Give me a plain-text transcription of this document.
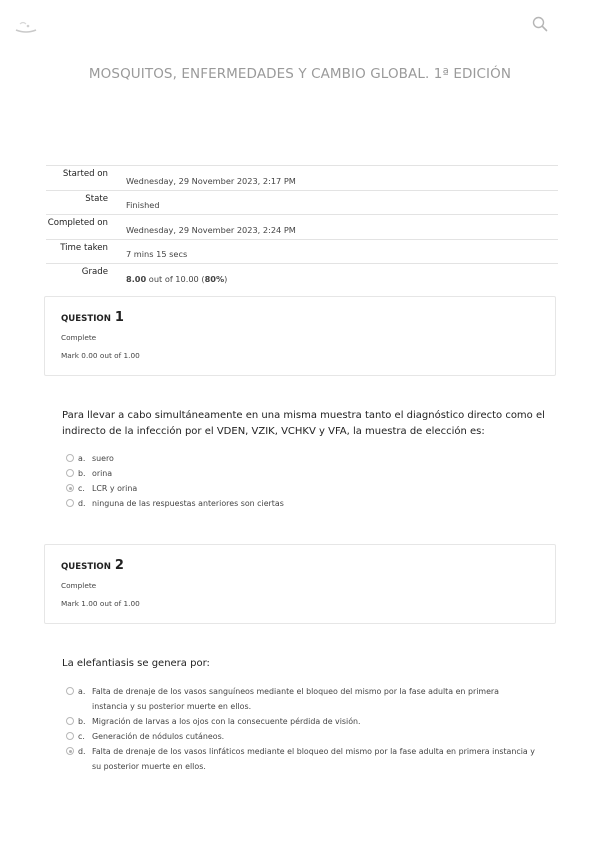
MOSQUITOS, ENFERMEDADES Y CAMBIO GLOBAL. 1ª EDICIÓN
Started on	Wednesday, 29 November 2023, 2:17 PM
State	Finished
Completed on	Wednesday, 29 November 2023, 2:24 PM
Time taken	7 mins 15 secs
Grade	8.00 out of 10.00 (80%)
QUESTION 1
Complete
Mark 0.00 out of 1.00
Para llevar a cabo simultáneamente en una misma muestra tanto el diagnóstico directo como el indirecto de la infección por el VDEN, VZIK, VCHKV y VFA, la muestra de elección es:
a. suero
b. orina
c. LCR y orina
d. ninguna de las respuestas anteriores son ciertas
QUESTION 2
Complete
Mark 1.00 out of 1.00
La elefantiasis se genera por:
a. Falta de drenaje de los vasos sanguíneos mediante el bloqueo del mismo por la fase adulta en primera instancia y su posterior muerte en ellos.
b. Migración de larvas a los ojos con la consecuente pérdida de visión.
c. Generación de nódulos cutáneos.
d. Falta de drenaje de los vasos linfáticos mediante el bloqueo del mismo por la fase adulta en primera instancia y su posterior muerte en ellos.
